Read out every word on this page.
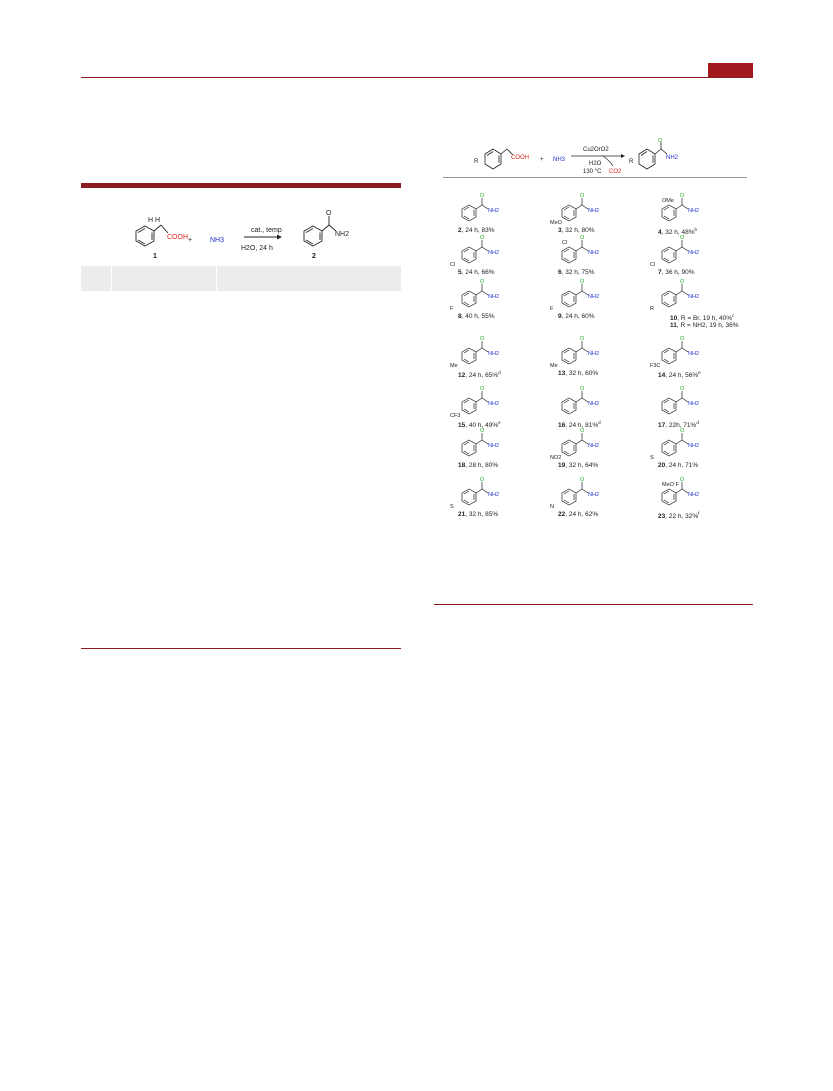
H H
COOH
1
+	NH3
cat., temp
H2O, 24 h
O
NH2
2
R
COOH + NH3
Cu2OrO2
H2O
130 °C CO2
R
O
NH2
O
NH2
2, 24 h, 83%
O
NH2
MeO
3, 32 h, 80%
O
NH2
OMe
4, 32 h, 48%$^b$
O
NH2
Cl
5, 24 h, 66%
O
NH2
Cl
6, 32 h, 75%
O
NH2
Cl
7, 36 h, 90%
O
NH2
F
8, 40 h, 55%
O
NH2
F
9, 24 h, 60%
O
NH2
R
10, R = Br, 19 h, 40%$^c$
11, R = NH2, 19 h, 36%
O
NH2
Me
12, 24 h, 65%$^d$
O
NH2
Me
13, 32 h, 60%
O
NH2
F3C
14, 24 h, 56%$^e$
O
NH2
CF3
15, 40 h, 49%$^e$
O
NH2
16, 24 h, 81%$^d$
O
NH2
17, 22h, 71%$^d$
O
NH2
18, 28 h, 80%
O
NH2
NO2
19, 32 h, 64%
O
NH2
S
20, 24 h, 71%
O
NH2
S
21, 32 h, 85%
O
NH2
N
22, 24 h, 62%
O
NH2
MeO F
23, 22 h, 32%$^f$
